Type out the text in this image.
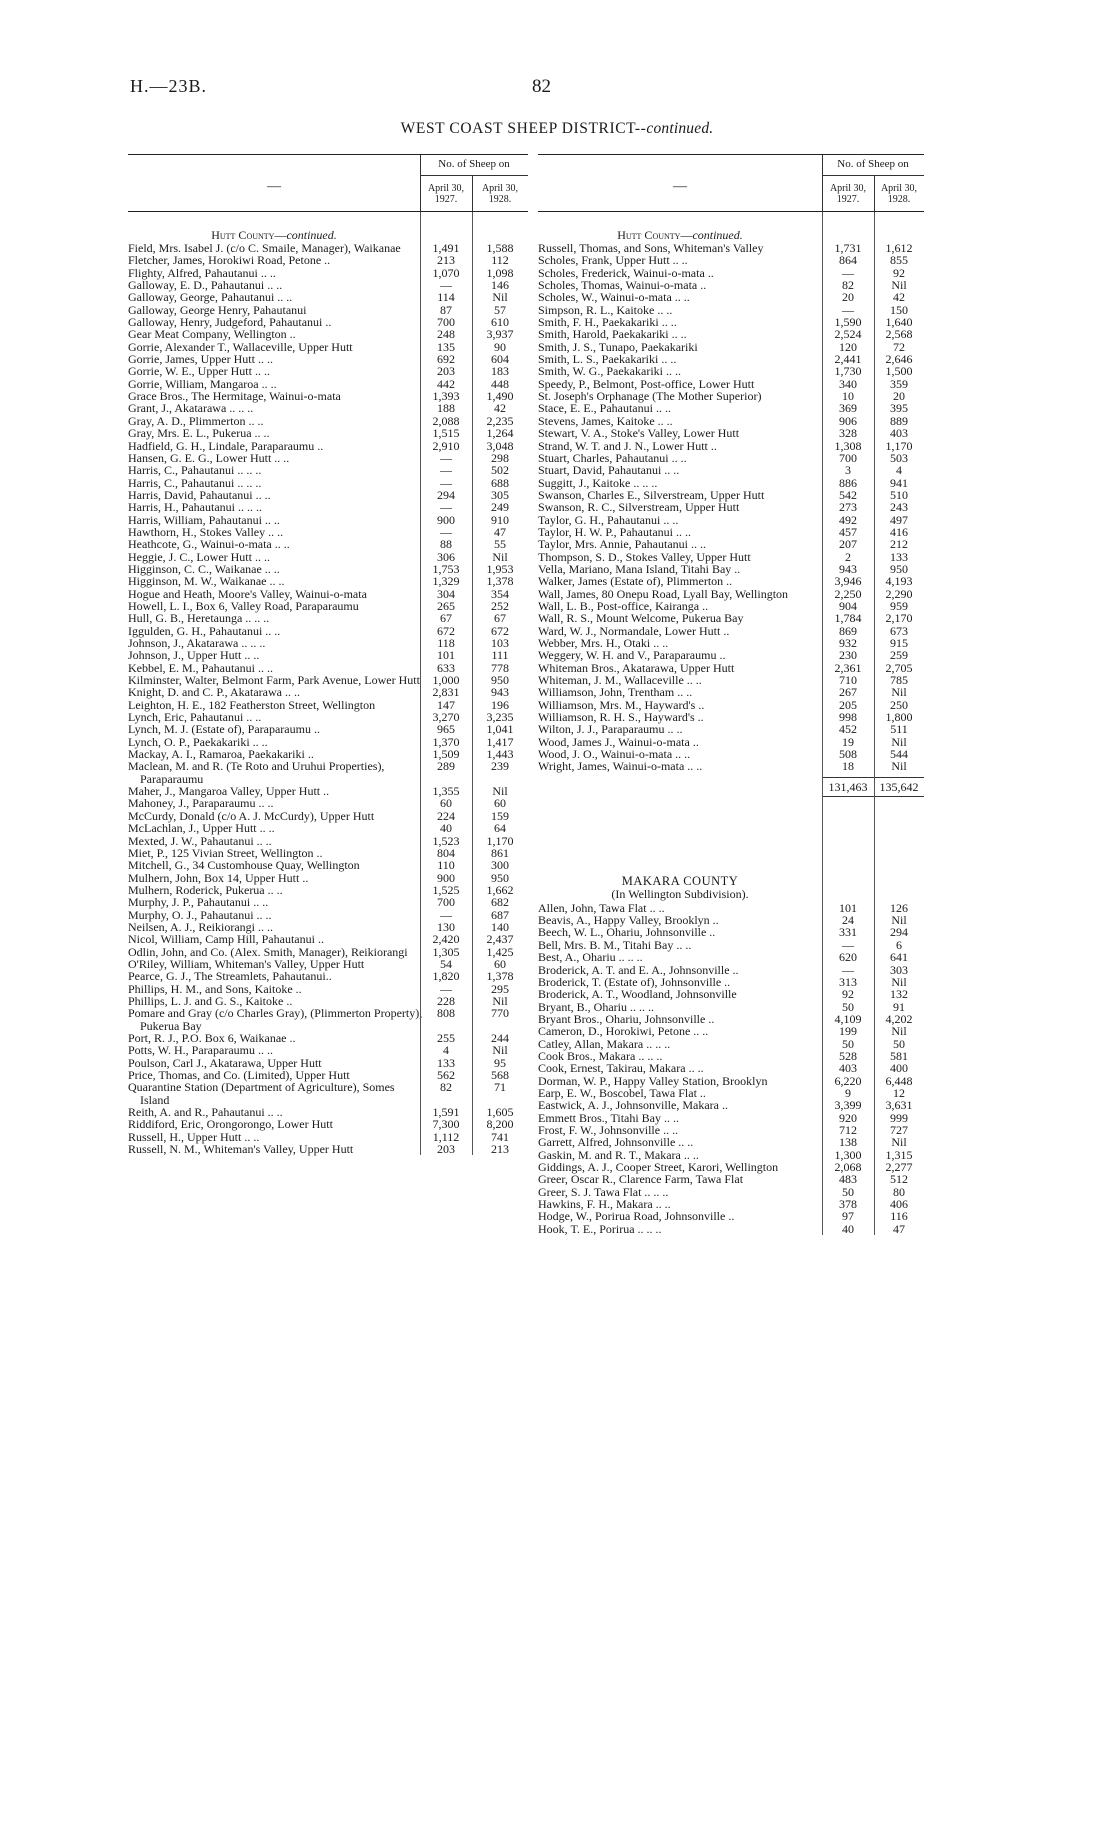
H.—23B.	82
WEST COAST SHEEP DISTRICT--continued.
—
No. of Sheep on
April 30,
1927.
April 30,
1928.
Hutt County—continued.
Field, Mrs. Isabel J. (c/o C. Smaile, Manager), Waikanae	1,491	1,588
Fletcher, James, Horokiwi Road, Petone ..	213	112
Flighty, Alfred, Pahautanui .. ..	1,070	1,098
Galloway, E. D., Pahautanui .. ..	—	146
Galloway, George, Pahautanui .. ..	114	Nil
Galloway, George Henry, Pahautanui	87	57
Galloway, Henry, Judgeford, Pahautanui ..	700	610
Gear Meat Company, Wellington ..	248	3,937
Gorrie, Alexander T., Wallaceville, Upper Hutt	135	90
Gorrie, James, Upper Hutt .. ..	692	604
Gorrie, W. E., Upper Hutt .. ..	203	183
Gorrie, William, Mangaroa .. ..	442	448
Grace Bros., The Hermitage, Wainui-o-mata	1,393	1,490
Grant, J., Akatarawa .. .. ..	188	42
Gray, A. D., Plimmerton .. ..	2,088	2,235
Gray, Mrs. E. L., Pukerua .. ..	1,515	1,264
Hadfield, G. H., Lindale, Paraparaumu ..	2,910	3,048
Hansen, G. E. G., Lower Hutt .. ..	—	298
Harris, C., Pahautanui .. .. ..	—	502
Harris, C., Pahautanui .. .. ..	—	688
Harris, David, Pahautanui .. ..	294	305
Harris, H., Pahautanui .. .. ..	—	249
Harris, William, Pahautanui .. ..	900	910
Hawthorn, H., Stokes Valley .. ..	—	47
Heathcote, G., Wainui-o-mata .. ..	88	55
Heggie, J. C., Lower Hutt .. ..	306	Nil
Higginson, C. C., Waikanae .. ..	1,753	1,953
Higginson, M. W., Waikanae .. ..	1,329	1,378
Hogue and Heath, Moore's Valley, Wainui-o-mata	304	354
Howell, L. I., Box 6, Valley Road, Paraparaumu	265	252
Hull, G. B., Heretaunga .. .. ..	67	67
Iggulden, G. H., Pahautanui .. ..	672	672
Johnson, J., Akatarawa .. .. ..	118	103
Johnson, J., Upper Hutt .. ..	101	111
Kebbel, E. M., Pahautanui .. ..	633	778
Kilminster, Walter, Belmont Farm, Park Avenue, Lower Hutt	1,000	950
Knight, D. and C. P., Akatarawa .. ..	2,831	943
Leighton, H. E., 182 Featherston Street, Wellington	147	196
Lynch, Eric, Pahautanui .. ..	3,270	3,235
Lynch, M. J. (Estate of), Paraparaumu ..	965	1,041
Lynch, O. P., Paekakariki .. ..	1,370	1,417
Mackay, A. I., Ramaroa, Paekakariki ..	1,509	1,443
Maclean, M. and R. (Te Roto and Uruhui Properties), Paraparaumu
289	239
Maher, J., Mangaroa Valley, Upper Hutt ..	1,355	Nil
Mahoney, J., Paraparaumu .. ..	60	60
McCurdy, Donald (c/o A. J. McCurdy), Upper Hutt	224	159
McLachlan, J., Upper Hutt .. ..	40	64
Mexted, J. W., Pahautanui .. ..	1,523	1,170
Miet, P., 125 Vivian Street, Wellington ..	804	861
Mitchell, G., 34 Customhouse Quay, Wellington	110	300
Mulhern, John, Box 14, Upper Hutt ..	900	950
Mulhern, Roderick, Pukerua .. ..	1,525	1,662
Murphy, J. P., Pahautanui .. ..	700	682
Murphy, O. J., Pahautanui .. ..	—	687
Neilsen, A. J., Reikiorangi .. ..	130	140
Nicol, William, Camp Hill, Pahautanui ..	2,420	2,437
Odlin, John, and Co. (Alex. Smith, Manager), Reikiorangi	1,305	1,425
O'Riley, William, Whiteman's Valley, Upper Hutt	54	60
Pearce, G. J., The Streamlets, Pahautanui..	1,820	1,378
Phillips, H. M., and Sons, Kaitoke ..	—	295
Phillips, L. J. and G. S., Kaitoke ..	228	Nil
Pomare and Gray (c/o Charles Gray), (Plimmerton Property), Pukerua Bay
808	770
Port, R. J., P.O. Box 6, Waikanae ..	255	244
Potts, W. H., Paraparaumu .. ..	4	Nil
Poulson, Carl J., Akatarawa, Upper Hutt	133	95
Price, Thomas, and Co. (Limited), Upper Hutt	562	568
Quarantine Station (Department of Agriculture), Somes Island
82	71
Reith, A. and R., Pahautanui .. ..	1,591	1,605
Riddiford, Eric, Orongorongo, Lower Hutt	7,300	8,200
Russell, H., Upper Hutt .. ..	1,112	741
Russell, N. M., Whiteman's Valley, Upper Hutt	203	213
—
No. of Sheep on
April 30,
1927.
April 30,
1928.
Hutt County—continued.
Russell, Thomas, and Sons, Whiteman's Valley	1,731	1,612
Scholes, Frank, Upper Hutt .. ..	864	855
Scholes, Frederick, Wainui-o-mata ..	—	92
Scholes, Thomas, Wainui-o-mata ..	82	Nil
Scholes, W., Wainui-o-mata .. ..	20	42
Simpson, R. L., Kaitoke .. ..	—	150
Smith, F. H., Paekakariki .. ..	1,590	1,640
Smith, Harold, Paekakariki .. ..	2,524	2,568
Smith, J. S., Tunapo, Paekakariki	120	72
Smith, L. S., Paekakariki .. ..	2,441	2,646
Smith, W. G., Paekakariki .. ..	1,730	1,500
Speedy, P., Belmont, Post-office, Lower Hutt	340	359
St. Joseph's Orphanage (The Mother Superior)	10	20
Stace, E. E., Pahautanui .. ..	369	395
Stevens, James, Kaitoke .. ..	906	889
Stewart, V. A., Stoke's Valley, Lower Hutt	328	403
Strand, W. T. and J. N., Lower Hutt ..	1,308	1,170
Stuart, Charles, Pahautanui .. ..	700	503
Stuart, David, Pahautanui .. ..	3	4
Suggitt, J., Kaitoke .. .. ..	886	941
Swanson, Charles E., Silverstream, Upper Hutt	542	510
Swanson, R. C., Silverstream, Upper Hutt	273	243
Taylor, G. H., Pahautanui .. ..	492	497
Taylor, H. W. P., Pahautanui .. ..	457	416
Taylor, Mrs. Annie, Pahautanui .. ..	207	212
Thompson, S. D., Stokes Valley, Upper Hutt	2	133
Vella, Mariano, Mana Island, Titahi Bay ..	943	950
Walker, James (Estate of), Plimmerton ..	3,946	4,193
Wall, James, 80 Onepu Road, Lyall Bay, Wellington	2,250	2,290
Wall, L. B., Post-office, Kairanga ..	904	959
Wall, R. S., Mount Welcome, Pukerua Bay	1,784	2,170
Ward, W. J., Normandale, Lower Hutt ..	869	673
Webber, Mrs. H., Otaki .. ..	932	915
Weggery, W. H. and V., Paraparaumu ..	230	259
Whiteman Bros., Akatarawa, Upper Hutt	2,361	2,705
Whiteman, J. M., Wallaceville .. ..	710	785
Williamson, John, Trentham .. ..	267	Nil
Williamson, Mrs. M., Hayward's ..	205	250
Williamson, R. H. S., Hayward's ..	998	1,800
Wilton, J. J., Paraparaumu .. ..	452	511
Wood, James J., Wainui-o-mata ..	19	Nil
Wood, J. O., Wainui-o-mata .. ..	508	544
Wright, James, Wainui-o-mata .. ..	18	Nil
131,463	135,642
MAKARA COUNTY
(In Wellington Subdivision).
Allen, John, Tawa Flat .. ..	101	126
Beavis, A., Happy Valley, Brooklyn ..	24	Nil
Beech, W. L., Ohariu, Johnsonville ..	331	294
Bell, Mrs. B. M., Titahi Bay .. ..	—	6
Best, A., Ohariu .. .. ..	620	641
Broderick, A. T. and E. A., Johnsonville ..	—	303
Broderick, T. (Estate of), Johnsonville ..	313	Nil
Broderick, A. T., Woodland, Johnsonville	92	132
Bryant, B., Ohariu .. .. ..	50	91
Bryant Bros., Ohariu, Johnsonville ..	4,109	4,202
Cameron, D., Horokiwi, Petone .. ..	199	Nil
Catley, Allan, Makara .. .. ..	50	50
Cook Bros., Makara .. .. ..	528	581
Cook, Ernest, Takirau, Makara .. ..	403	400
Dorman, W. P., Happy Valley Station, Brooklyn	6,220	6,448
Earp, E. W., Boscobel, Tawa Flat ..	9	12
Eastwick, A. J., Johnsonville, Makara ..	3,399	3,631
Emmett Bros., Titahi Bay .. ..	920	999
Frost, F. W., Johnsonville .. ..	712	727
Garrett, Alfred, Johnsonville .. ..	138	Nil
Gaskin, M. and R. T., Makara .. ..	1,300	1,315
Giddings, A. J., Cooper Street, Karori, Wellington	2,068	2,277
Greer, Oscar R., Clarence Farm, Tawa Flat	483	512
Greer, S. J. Tawa Flat .. .. ..	50	80
Hawkins, F. H., Makara .. ..	378	406
Hodge, W., Porirua Road, Johnsonville ..	97	116
Hook, T. E., Porirua .. .. ..	40	47
